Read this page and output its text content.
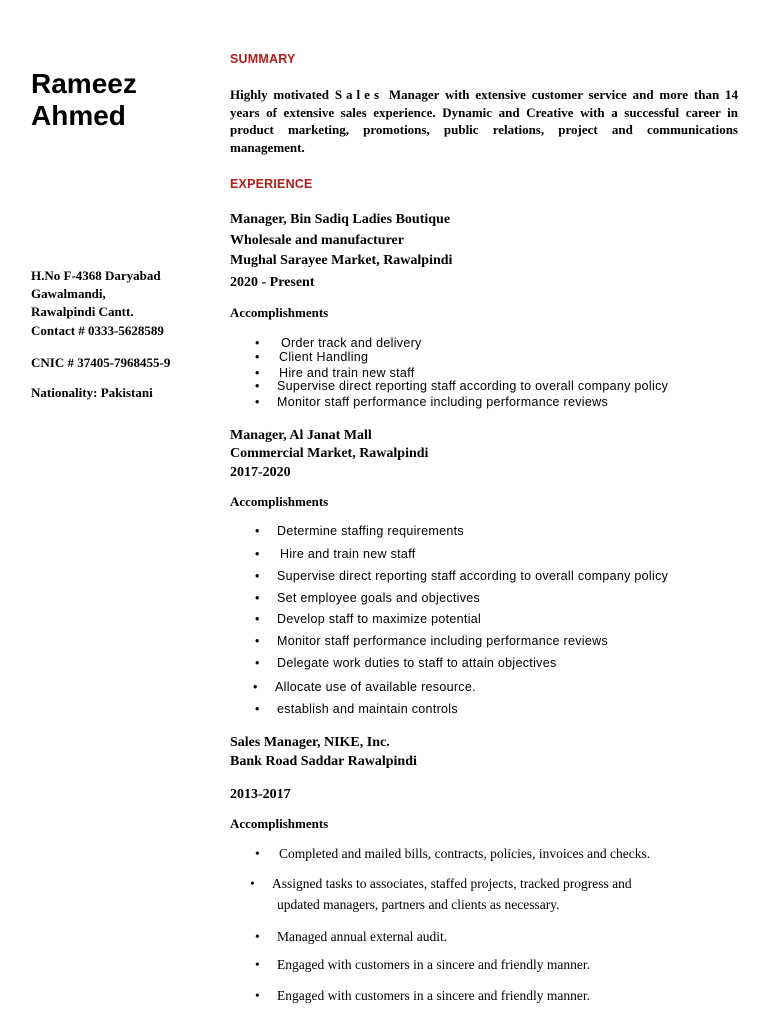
Rameez
Ahmed
H.No F-4368 Daryabad
Gawalmandi,
Rawalpindi Cantt.
Contact # 0333-5628589
CNIC # 37405-7968455-9
Nationality: Pakistani
SUMMARY
Highly motivated Sales Manager with extensive customer service and more than 14 years of extensive sales experience. Dynamic and Creative with a successful career in product marketing, promotions, public relations, project and communications management.
EXPERIENCE
Manager, Bin Sadiq Ladies Boutique
Wholesale and manufacturer
Mughal Sarayee Market, Rawalpindi
2020 - Present
Accomplishments
• Order track and delivery
• Client Handling
• Hire and train new staff
• Supervise direct reporting staff according to overall company policy
• Monitor staff performance including performance reviews
Manager, Al Janat Mall
Commercial Market, Rawalpindi
2017-2020
Accomplishments
• Determine staffing requirements
• Hire and train new staff
• Supervise direct reporting staff according to overall company policy
• Set employee goals and objectives
• Develop staff to maximize potential
• Monitor staff performance including performance reviews
• Delegate work duties to staff to attain objectives
• Allocate use of available resource.
• establish and maintain controls
Sales Manager, NIKE, Inc.
Bank Road Saddar Rawalpindi
2013-2017
Accomplishments
• Completed and mailed bills, contracts, policies, invoices and checks.
• Assigned tasks to associates, staffed projects, tracked progress and
updated managers, partners and clients as necessary.
• Managed annual external audit.
• Engaged with customers in a sincere and friendly manner.
• Engaged with customers in a sincere and friendly manner.
